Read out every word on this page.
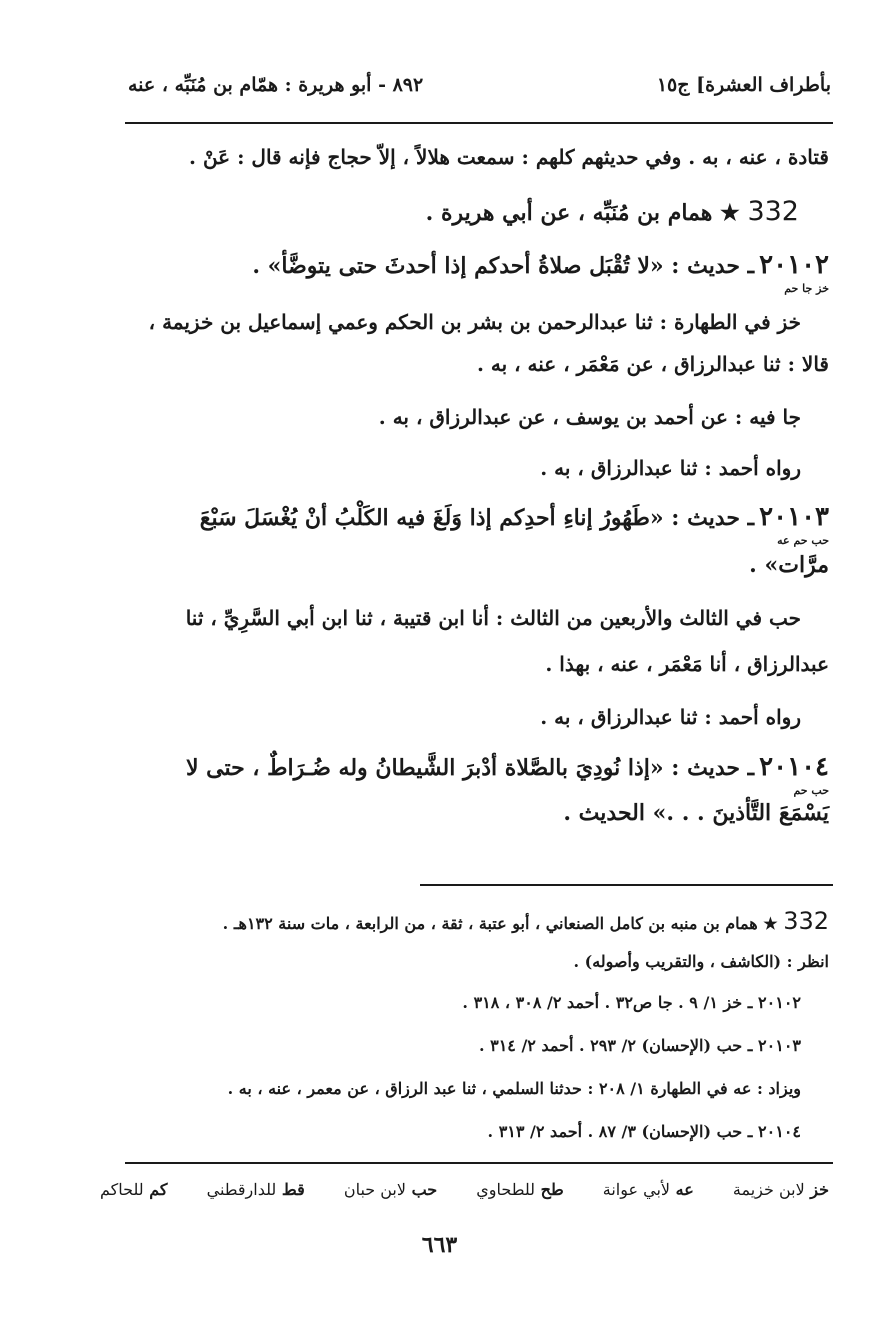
بأطراف العشرة] ج١٥
٨٩٢ - أبو هريرة : همّام بن مُنَبِّه ، عنه
قتادة ، عنه ، به . وفي حديثهم كلهم : سمعت هلالاً ، إلاّ حجاج فإنه قال : عَنْ .
332 ★ همام بن مُنَبِّه ، عن أبي هريرة .
٢٠١٠٢ ـ حديث : «لا تُقْبَل صلاةُ أحدكم إذا أحدثَ حتى يتوضَّأ» .
خز جا حم
خز في الطهارة : ثنا عبدالرحمن بن بشر بن الحكم وعمي إسماعيل بن خزيمة ،
قالا : ثنا عبدالرزاق ، عن مَعْمَر ، عنه ، به .
جا فيه : عن أحمد بن يوسف ، عن عبدالرزاق ، به .
رواه أحمد : ثنا عبدالرزاق ، به .
٢٠١٠٣ ـ حديث : «طَهُورُ إناءِ أحدِكم إذا وَلَغَ فيه الكَلْبُ أنْ يُغْسَلَ سَبْعَ
حب حم عه
مرَّات» .
حب في الثالث والأربعين من الثالث : أنا ابن قتيبة ، ثنا ابن أبي السَّرِيِّ ، ثنا
عبدالرزاق ، أنا مَعْمَر ، عنه ، بهذا .
رواه أحمد : ثنا عبدالرزاق ، به .
٢٠١٠٤ ـ حديث : «إذا نُودِيَ بالصَّلاة أدْبرَ الشَّيطانُ وله ضُـرَاطٌ ، حتى لا
حب حم
يَسْمَعَ التَّأذينَ . . .» الحديث .
332 ★ همام بن منبه بن كامل الصنعاني ، أبو عتبة ، ثقة ، من الرابعة ، مات سنة ١٣٢هـ .
انظر : (الكاشف ، والتقريب وأصوله) .
٢٠١٠٢ ـ خز ١/ ٩ . جا ص٣٢ . أحمد ٢/ ٣٠٨ ، ٣١٨ .
٢٠١٠٣ ـ حب (الإحسان) ٢/ ٢٩٣ . أحمد ٢/ ٣١٤ .
ويزاد : عه في الطهارة ١/ ٢٠٨ : حدثنا السلمي ، ثنا عبد الرزاق ، عن معمر ، عنه ، به .
٢٠١٠٤ ـ حب (الإحسان) ٣/ ٨٧ . أحمد ٢/ ٣١٣ .
خز لابن خزيمة
عه لأبي عوانة
طح للطحاوي
حب لابن حبان
قط للدارقطني
كم للحاكم
٦٦٣
